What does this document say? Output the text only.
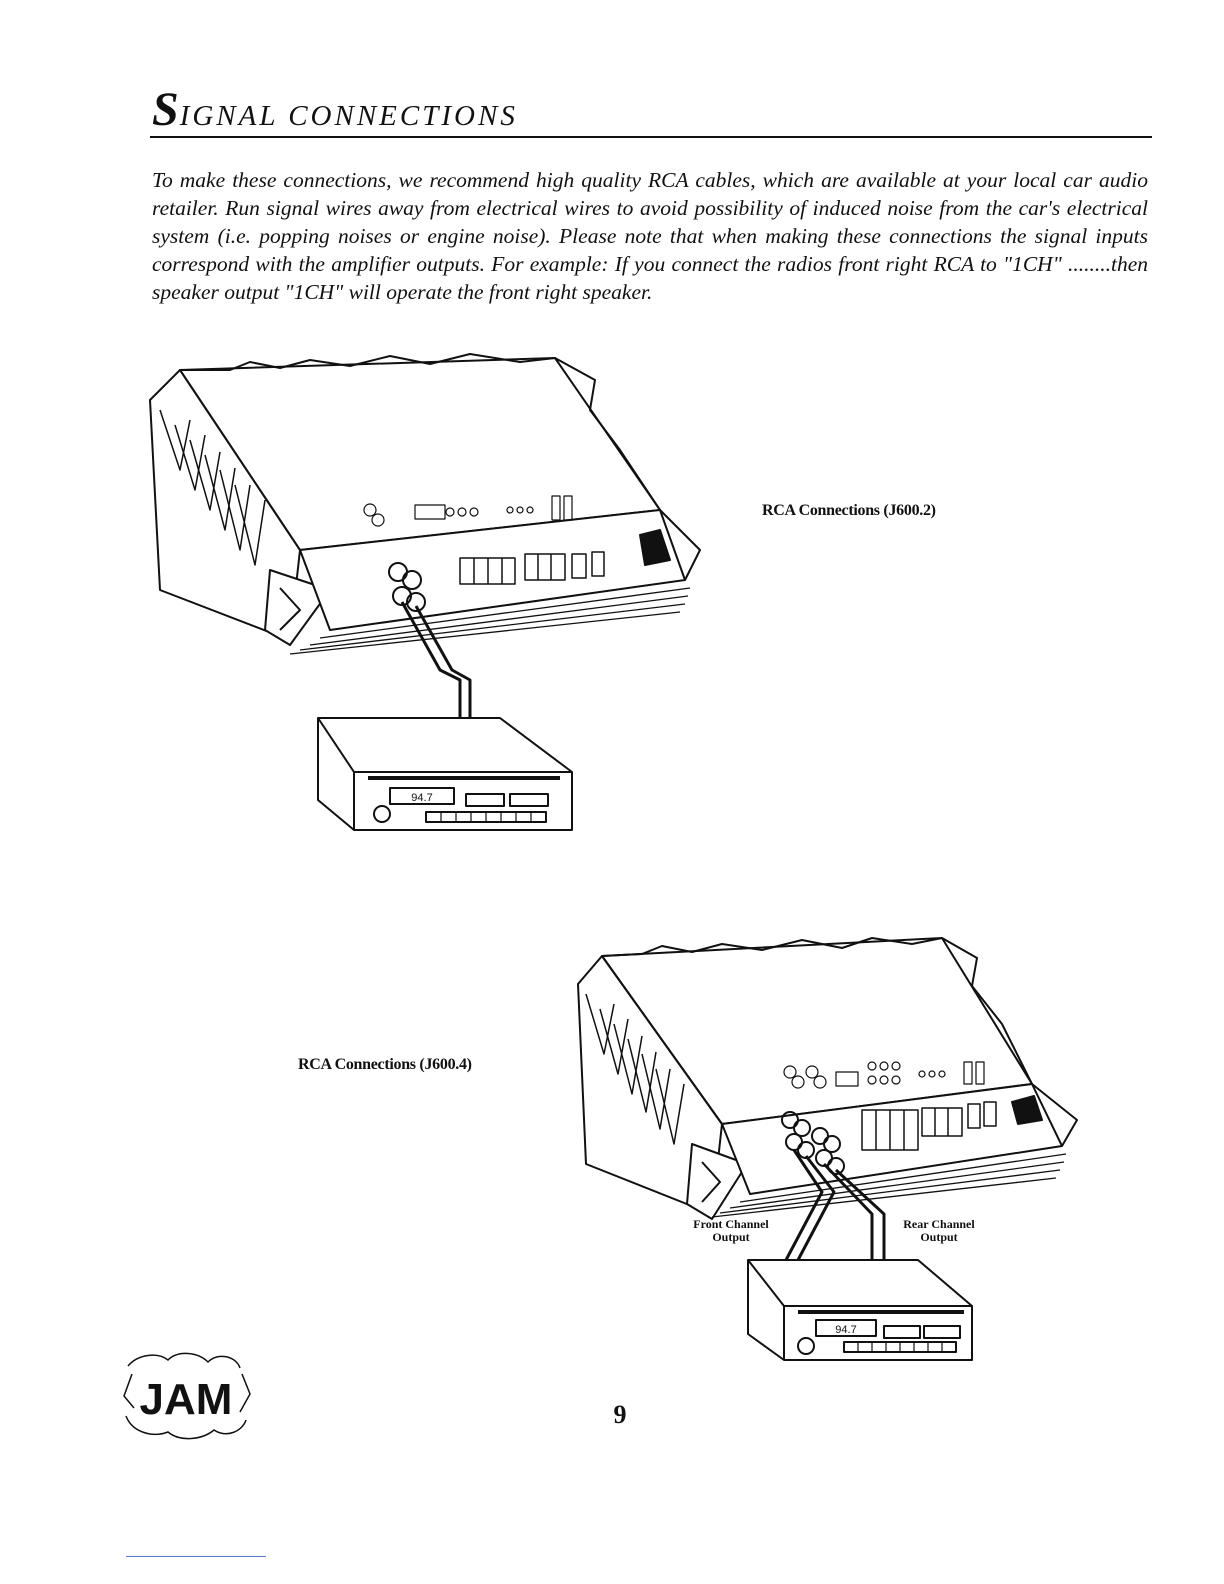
SIGNAL CONNECTIONS
To make these connections, we recommend high quality RCA cables, which are available at your local car audio retailer. Run signal wires away from electrical wires to avoid possibility of induced noise from the car's electrical system (i.e. popping noises or engine noise). Please note that when making these connections the signal inputs correspond with the amplifier outputs. For example: If you connect the radios front right RCA to "1CH" ........then speaker output "1CH" will operate the front right speaker.
94.7
RCA Connections (J600.2)
94.7
RCA Connections (J600.4)
Front Channel
Output
Rear Channel
Output
JAM	9
